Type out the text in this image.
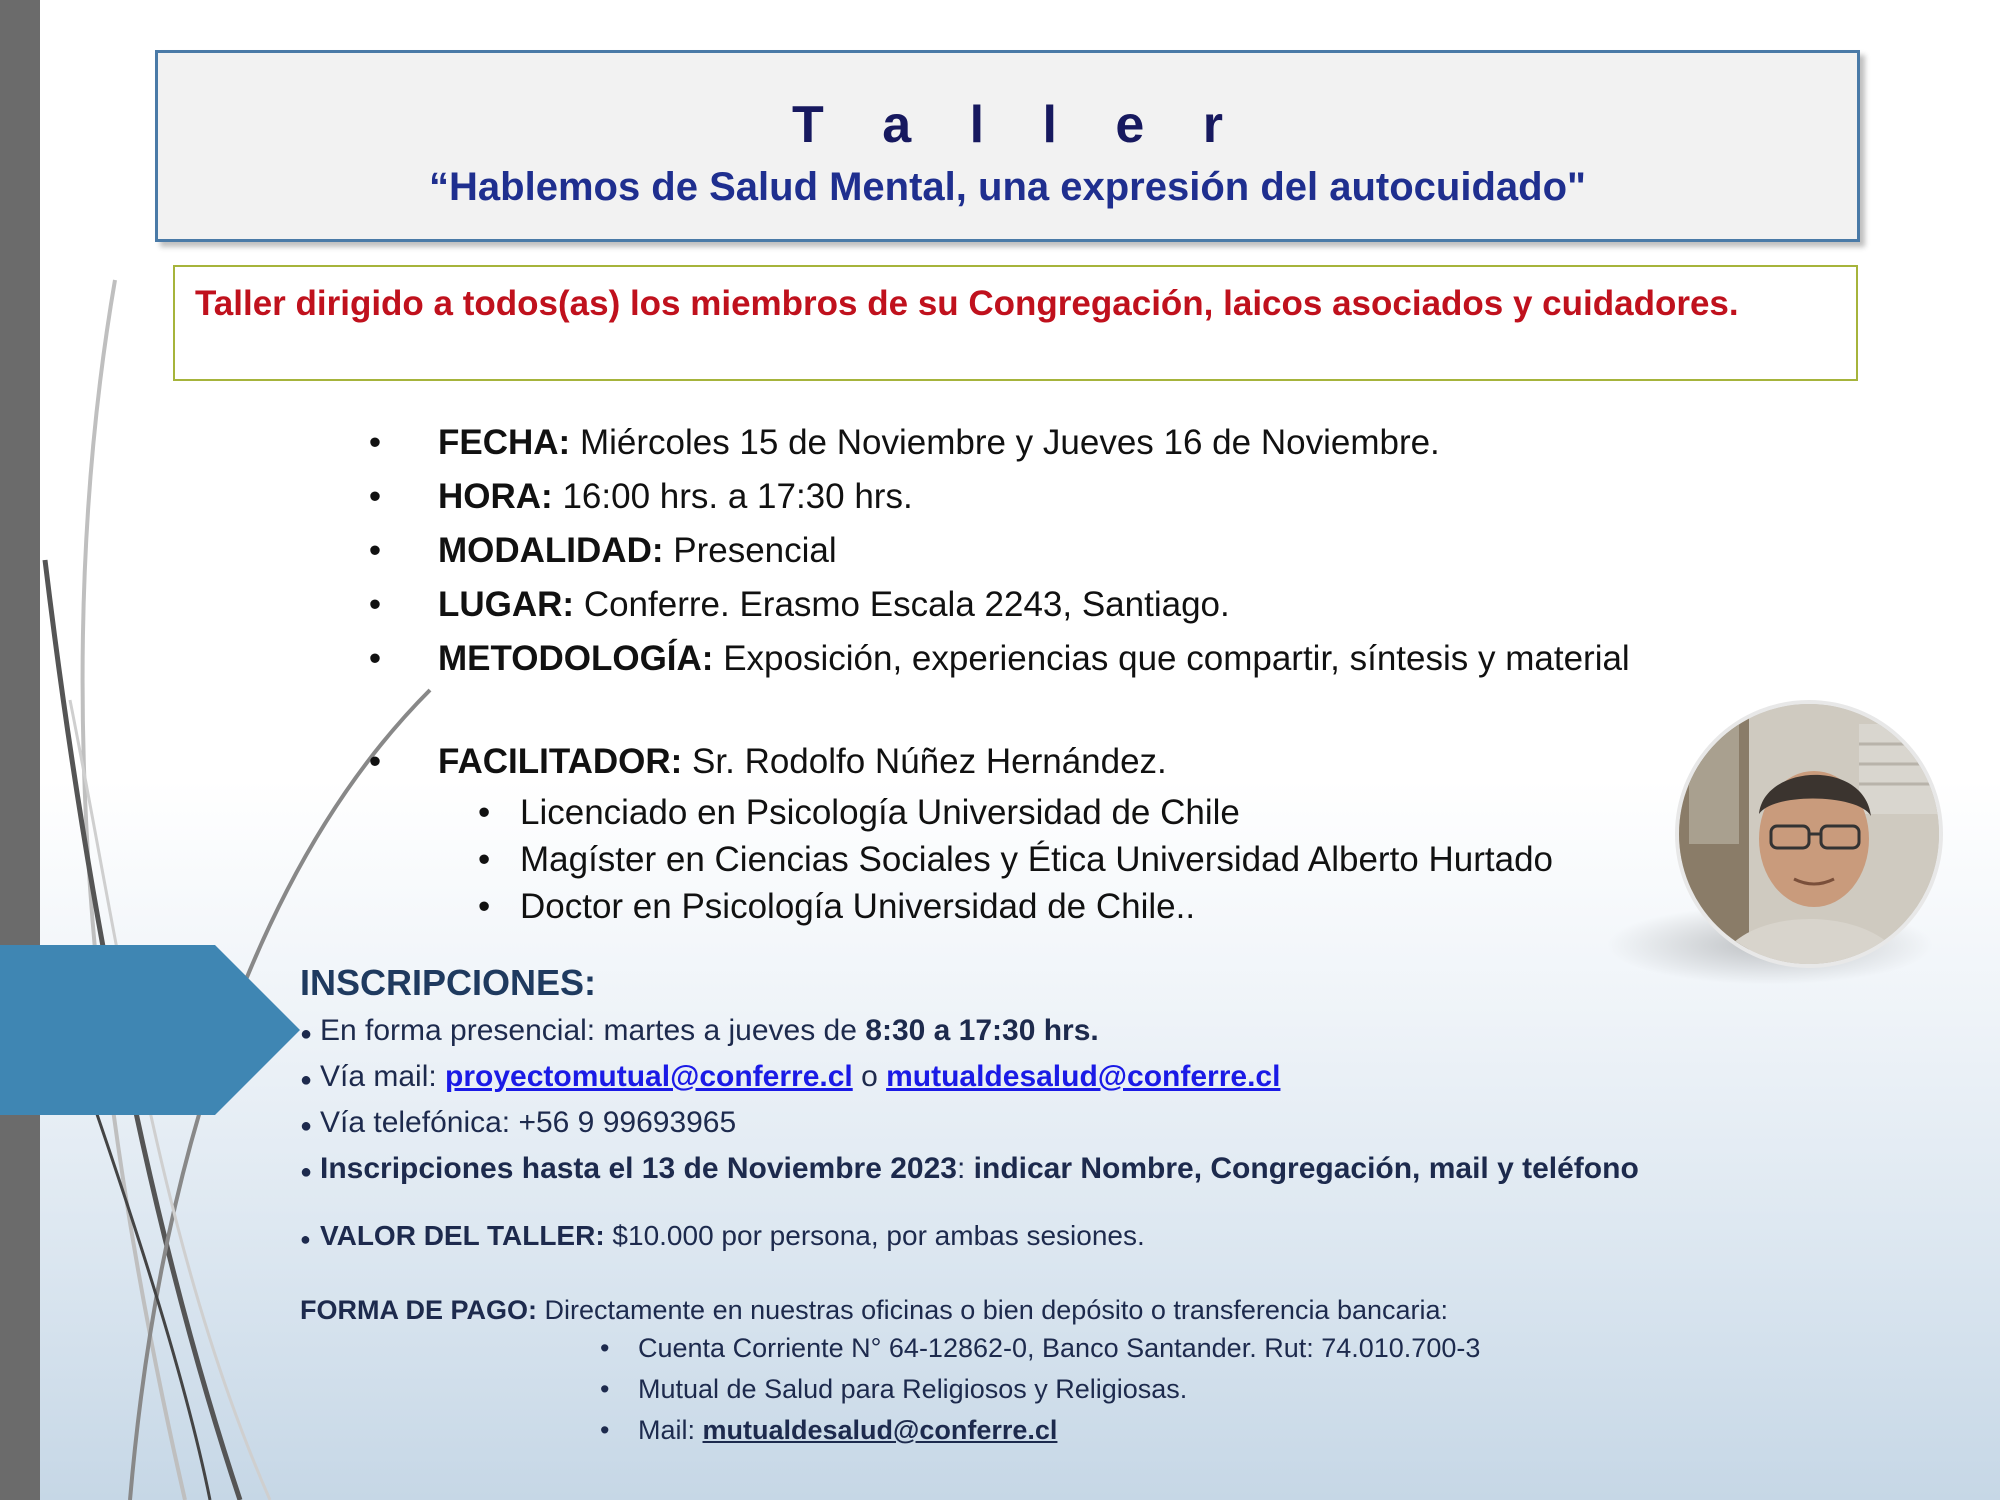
T a l l e r
“Hablemos de Salud Mental, una expresión del autocuidado"
Taller dirigido a todos(as) los miembros de su Congregación, laicos asociados y cuidadores.
• FECHA: Miércoles 15 de Noviembre y Jueves 16 de Noviembre.
• HORA: 16:00 hrs. a 17:30 hrs.
• MODALIDAD: Presencial
• LUGAR: Conferre. Erasmo Escala 2243, Santiago.
• METODOLOGÍA: Exposición, experiencias que compartir, síntesis y material
• FACILITADOR: Sr. Rodolfo Núñez Hernández.
• Licenciado en Psicología Universidad de Chile
• Magíster en Ciencias Sociales y Ética Universidad Alberto Hurtado
• Doctor en Psicología Universidad de Chile..
INSCRIPCIONES:
● En forma presencial: martes a jueves de 8:30 a 17:30 hrs.
● Vía mail: proyectomutual@conferre.cl o mutualdesalud@conferre.cl
● Vía telefónica: +56 9 99693965
● Inscripciones hasta el 13 de Noviembre 2023: indicar Nombre, Congregación, mail y teléfono
● VALOR DEL TALLER: $10.000 por persona, por ambas sesiones.
FORMA DE PAGO: Directamente en nuestras oficinas o bien depósito o transferencia bancaria:
• Cuenta Corriente N° 64-12862-0, Banco Santander. Rut: 74.010.700-3
• Mutual de Salud para Religiosos y Religiosas.
• Mail: mutualdesalud@conferre.cl
